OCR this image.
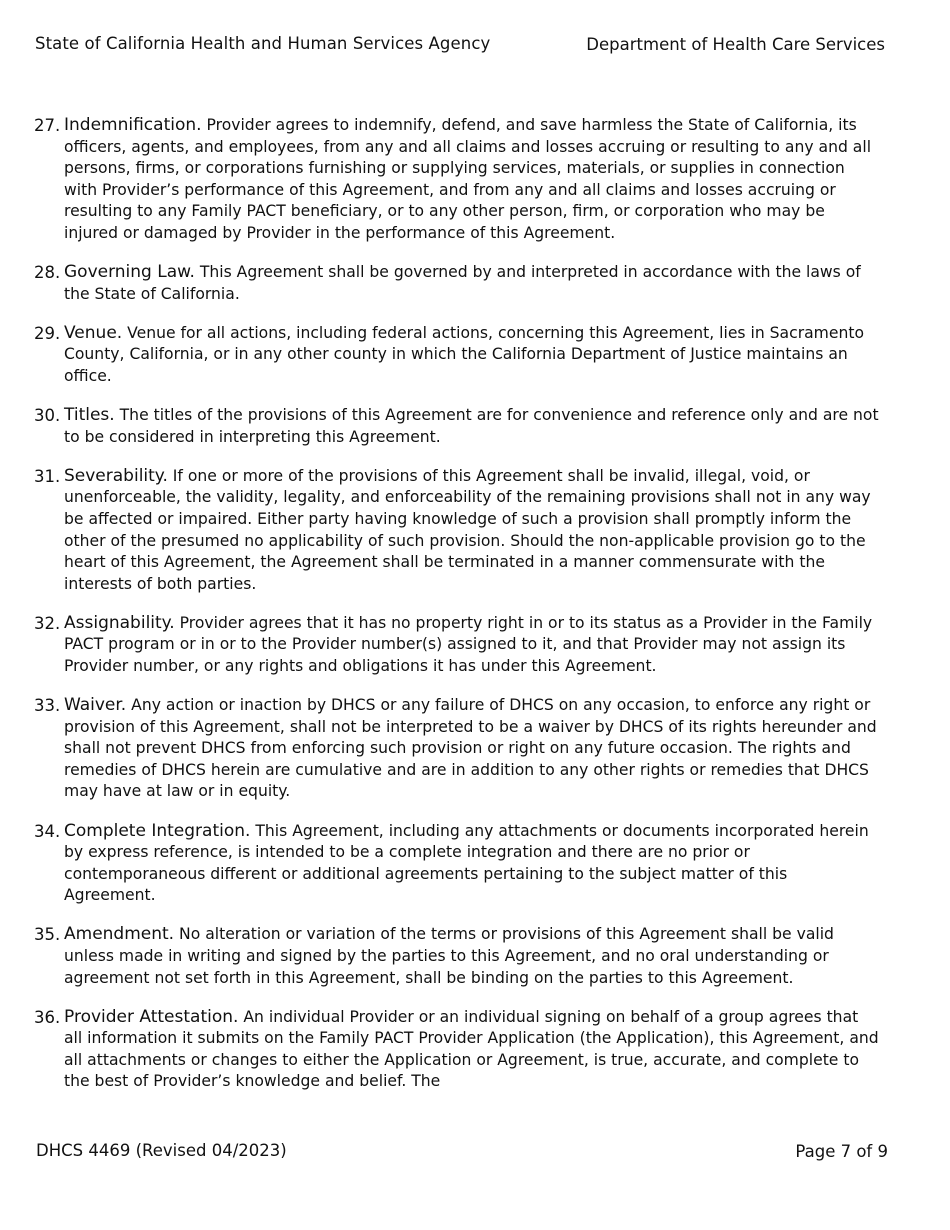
State of California Health and Human Services Agency	Department of Health Care Services
27. Indemnification. Provider agrees to indemnify, defend, and save harmless the State of California, its officers, agents, and employees, from any and all claims and losses accruing or resulting to any and all persons, firms, or corporations furnishing or supplying services, materials, or supplies in connection with Provider’s performance of this Agreement, and from any and all claims and losses accruing or resulting to any Family PACT beneficiary, or to any other person, firm, or corporation who may be injured or damaged by Provider in the performance of this Agreement.
28. Governing Law. This Agreement shall be governed by and interpreted in accordance with the laws of the State of California.
29. Venue. Venue for all actions, including federal actions, concerning this Agreement, lies in Sacramento County, California, or in any other county in which the California Department of Justice maintains an office.
30. Titles. The titles of the provisions of this Agreement are for convenience and reference only and are not to be considered in interpreting this Agreement.
31. Severability. If one or more of the provisions of this Agreement shall be invalid, illegal, void, or unenforceable, the validity, legality, and enforceability of the remaining provisions shall not in any way be affected or impaired. Either party having knowledge of such a provision shall promptly inform the other of the presumed no applicability of such provision. Should the non-applicable provision go to the heart of this Agreement, the Agreement shall be terminated in a manner commensurate with the interests of both parties.
32. Assignability. Provider agrees that it has no property right in or to its status as a Provider in the Family PACT program or in or to the Provider number(s) assigned to it, and that Provider may not assign its Provider number, or any rights and obligations it has under this Agreement.
33. Waiver. Any action or inaction by DHCS or any failure of DHCS on any occasion, to enforce any right or provision of this Agreement, shall not be interpreted to be a waiver by DHCS of its rights hereunder and shall not prevent DHCS from enforcing such provision or right on any future occasion. The rights and remedies of DHCS herein are cumulative and are in addition to any other rights or remedies that DHCS may have at law or in equity.
34. Complete Integration. This Agreement, including any attachments or documents incorporated herein by express reference, is intended to be a complete integration and there are no prior or contemporaneous different or additional agreements pertaining to the subject matter of this Agreement.
35. Amendment. No alteration or variation of the terms or provisions of this Agreement shall be valid unless made in writing and signed by the parties to this Agreement, and no oral understanding or agreement not set forth in this Agreement, shall be binding on the parties to this Agreement.
36. Provider Attestation. An individual Provider or an individual signing on behalf of a group agrees that all information it submits on the Family PACT Provider Application (the Application), this Agreement, and all attachments or changes to either the Application or Agreement, is true, accurate, and complete to the best of Provider’s knowledge and belief. The
DHCS 4469 (Revised 04/2023)	Page 7 of 9
